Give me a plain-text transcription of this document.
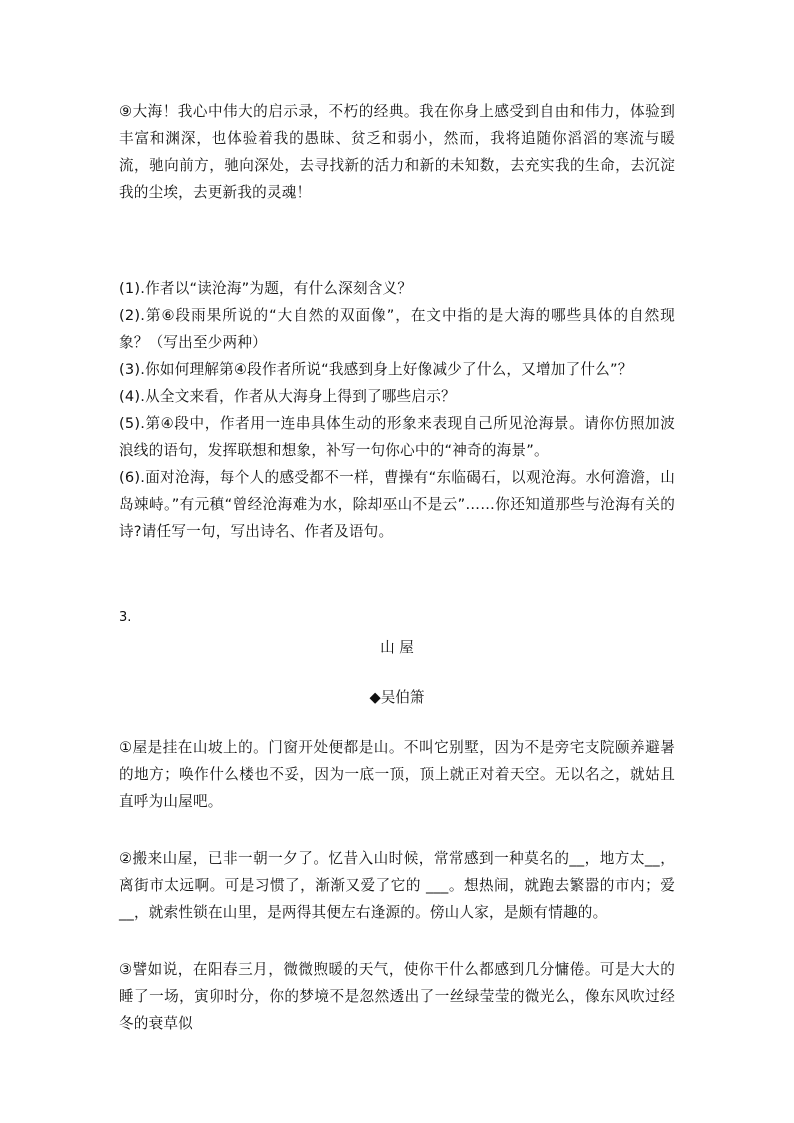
⑨大海！我心中伟大的启示录，不朽的经典。我在你身上感受到自由和伟力，体验到丰富和渊深，也体验着我的愚昧、贫乏和弱小，然而，我将追随你滔滔的寒流与暖流，驰向前方，驰向深处，去寻找新的活力和新的未知数，去充实我的生命，去沉淀我的尘埃，去更新我的灵魂！

(1).作者以“读沧海”为题，有什么深刻含义？

(2).第⑥段雨果所说的“大自然的双面像”，在文中指的是大海的哪些具体的自然现象？（写出至少两种）

(3).你如何理解第④段作者所说“我感到身上好像减少了什么，又增加了什么”？

(4).从全文来看，作者从大海身上得到了哪些启示？

(5).第④段中，作者用一连串具体生动的形象来表现自己所见沧海景。请你仿照加波浪线的语句，发挥联想和想象，补写一句你心中的“神奇的海景”。

(6).面对沧海，每个人的感受都不一样，曹操有“东临碣石，以观沧海。水何澹澹，山岛竦峙。”有元稹“曾经沧海难为水，除却巫山不是云”……你还知道那些与沧海有关的诗?请任写一句，写出诗名、作者及语句。

3.
山 屋
◆吴伯箫

①屋是挂在山坡上的。门窗开处便都是山。不叫它别墅，因为不是旁宅支院颐养避暑的地方；唤作什么楼也不妥，因为一底一顶，顶上就正对着天空。无以名之，就姑且直呼为山屋吧。

②搬来山屋，已非一朝一夕了。忆昔入山时候，常常感到一种莫名的__，地方太__，离街市太远啊。可是习惯了，渐渐又爱了它的 ___。想热闹，就跑去繁嚣的市内；爱__，就索性锁在山里，是两得其便左右逢源的。傍山人家，是颇有情趣的。

③譬如说，在阳春三月，微微煦暖的天气，使你干什么都感到几分慵倦。可是大大的睡了一场，寅卯时分，你的梦境不是忽然透出了一丝绿莹莹的微光么，像东风吹过经冬的衰草似
